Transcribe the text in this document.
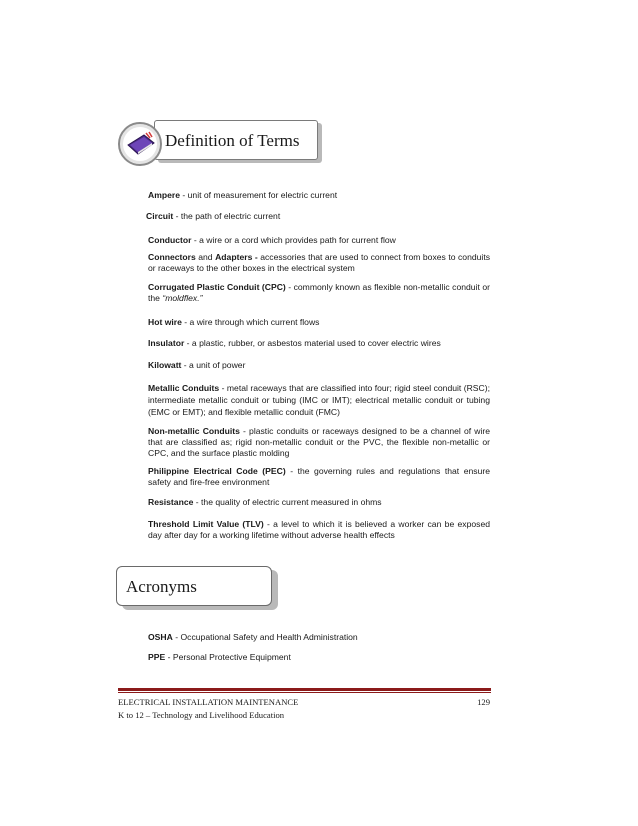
Definition of Terms
Ampere - unit of measurement for electric current
Circuit - the path of electric current
Conductor - a wire or a cord which provides path for current flow
Connectors and Adapters - accessories that are used to connect from boxes to conduits or raceways to the other boxes in the electrical system
Corrugated Plastic Conduit (CPC) - commonly known as flexible non-metallic conduit or the “moldflex.”
Hot wire - a wire through which current flows
Insulator - a plastic, rubber, or asbestos material used to cover electric wires
Kilowatt - a unit of power
Metallic Conduits - metal raceways that are classified into four; rigid steel conduit (RSC); intermediate metallic conduit or tubing (IMC or IMT); electrical metallic conduit or tubing (EMC or EMT); and flexible metallic conduit (FMC)
Non-metallic Conduits - plastic conduits or raceways designed to be a channel of wire that are classified as; rigid non-metallic conduit or the PVC, the flexible non-metallic or CPC, and the surface plastic molding
Philippine Electrical Code (PEC) - the governing rules and regulations that ensure safety and fire-free environment
Resistance - the quality of electric current measured in ohms
Threshold Limit Value (TLV) - a level to which it is believed a worker can be exposed day after day for a working lifetime without adverse health effects
Acronyms
OSHA - Occupational Safety and Health Administration
PPE - Personal Protective Equipment
ELECTRICAL INSTALLATION MAINTENANCE
K to 12 – Technology and Livelihood Education
129
